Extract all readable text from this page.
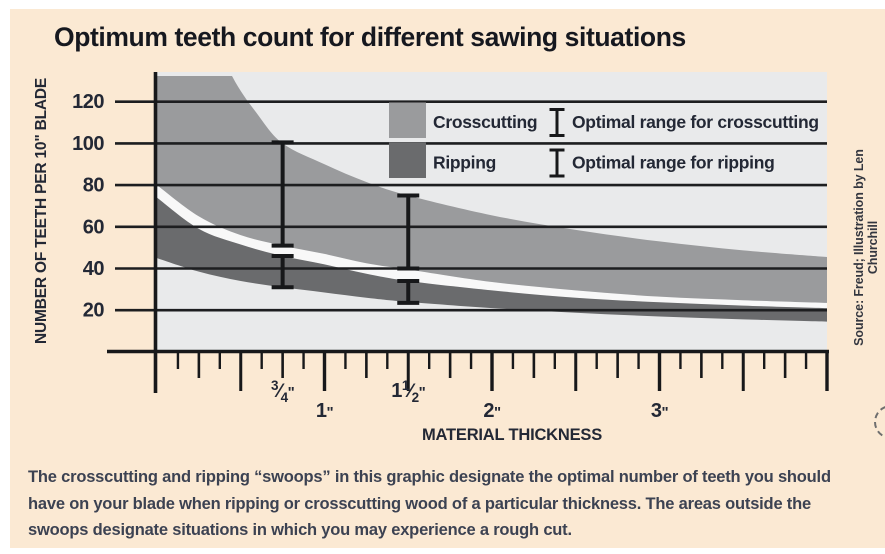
Optimum teeth count for different sawing situations
120
100
80
60
40
20
$^3⁄_4^"$
1"
$1^1⁄_2^"$
2"	3"
Crosscutting
Ripping
Optimal range for crosscutting
Optimal range for ripping
MATERIAL THICKNESS
NUMBER OF TEETH PER 10" BLADE
The crosscutting and ripping “swoops” in this graphic designate the optimal number of teeth you should have on your blade when ripping or crosscutting wood of a particular thickness. The areas outside the swoops designate situations in which you may experience a rough cut.
Source: Freud; Illustration by Len Churchill
